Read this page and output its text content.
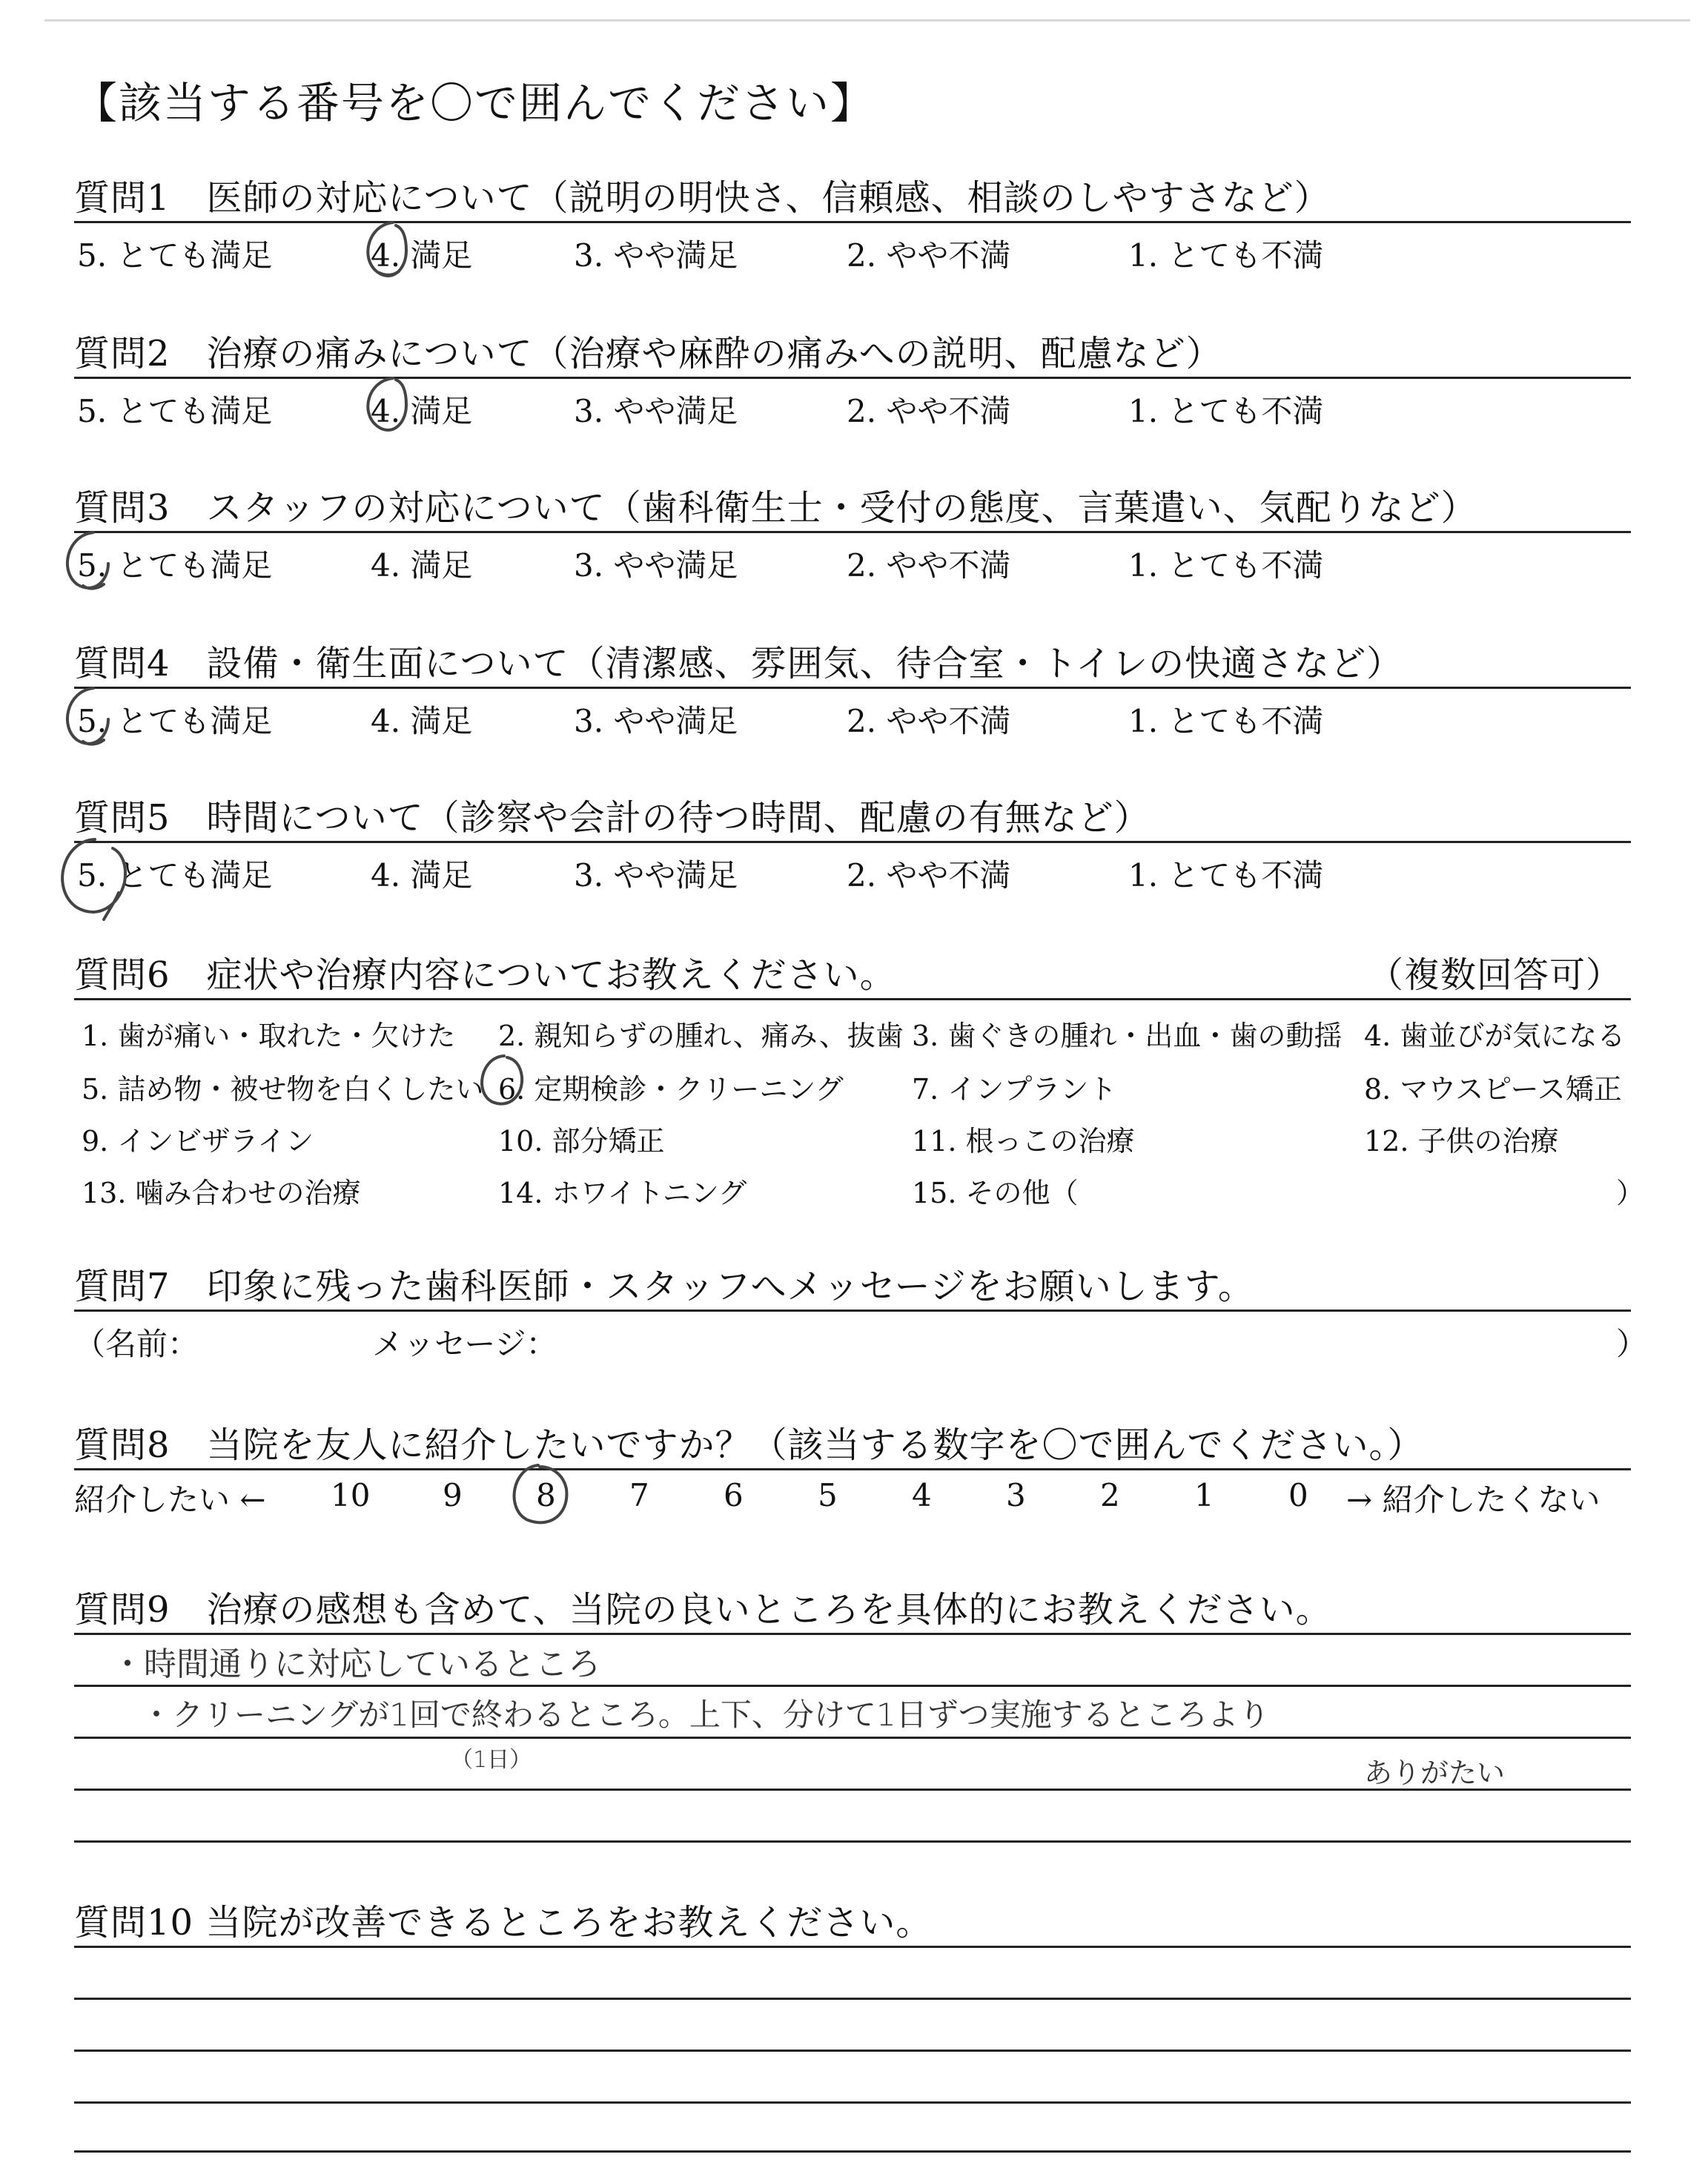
【該当する番号を〇で囲んでください】
質問1　医師の対応について（説明の明快さ、信頼感、相談のしやすさなど）
5. とても満足	4. 満足	3. やや満足	2. やや不満	1. とても不満
質問2　治療の痛みについて（治療や麻酔の痛みへの説明、配慮など）
5. とても満足	4. 満足	3. やや満足	2. やや不満	1. とても不満
質問3　スタッフの対応について（歯科衛生士・受付の態度、言葉遣い、気配りなど）
5. とても満足	4. 満足	3. やや満足	2. やや不満	1. とても不満
質問4　設備・衛生面について（清潔感、雰囲気、待合室・トイレの快適さなど）
5. とても満足	4. 満足	3. やや満足	2. やや不満	1. とても不満
質問5　時間について（診察や会計の待つ時間、配慮の有無など）
5. とても満足	4. 満足	3. やや満足	2. やや不満	1. とても不満
質問6　症状や治療内容についてお教えください。	（複数回答可）
1. 歯が痛い・取れた・欠けた 2. 親知らずの腫れ、痛み、抜歯 3. 歯ぐきの腫れ・出血・歯の動揺 4. 歯並びが気になる
5. 詰め物・被せ物を白くしたい 6. 定期検診・クリーニング 7. インプラント	8. マウスピース矯正
9. インビザライン	10. 部分矯正	11. 根っこの治療	12. 子供の治療
13. 噛み合わせの治療	14. ホワイトニング	15. その他（	）
質問7　印象に残った歯科医師・スタッフへメッセージをお願いします。
（名前：	メッセージ：	）
質問8　当院を友人に紹介したいですか？（該当する数字を〇で囲んでください。）
紹介したい ← 10 9 8 7 6 5 4 3 2 1 0 → 紹介したくない
質問9　治療の感想も含めて、当院の良いところを具体的にお教えください。
・時間通りに対応しているところ
・クリーニングが1回で終わるところ。上下、分けて1日ずつ実施するところより
（1日）	ありがたい
質問10 当院が改善できるところをお教えください。
